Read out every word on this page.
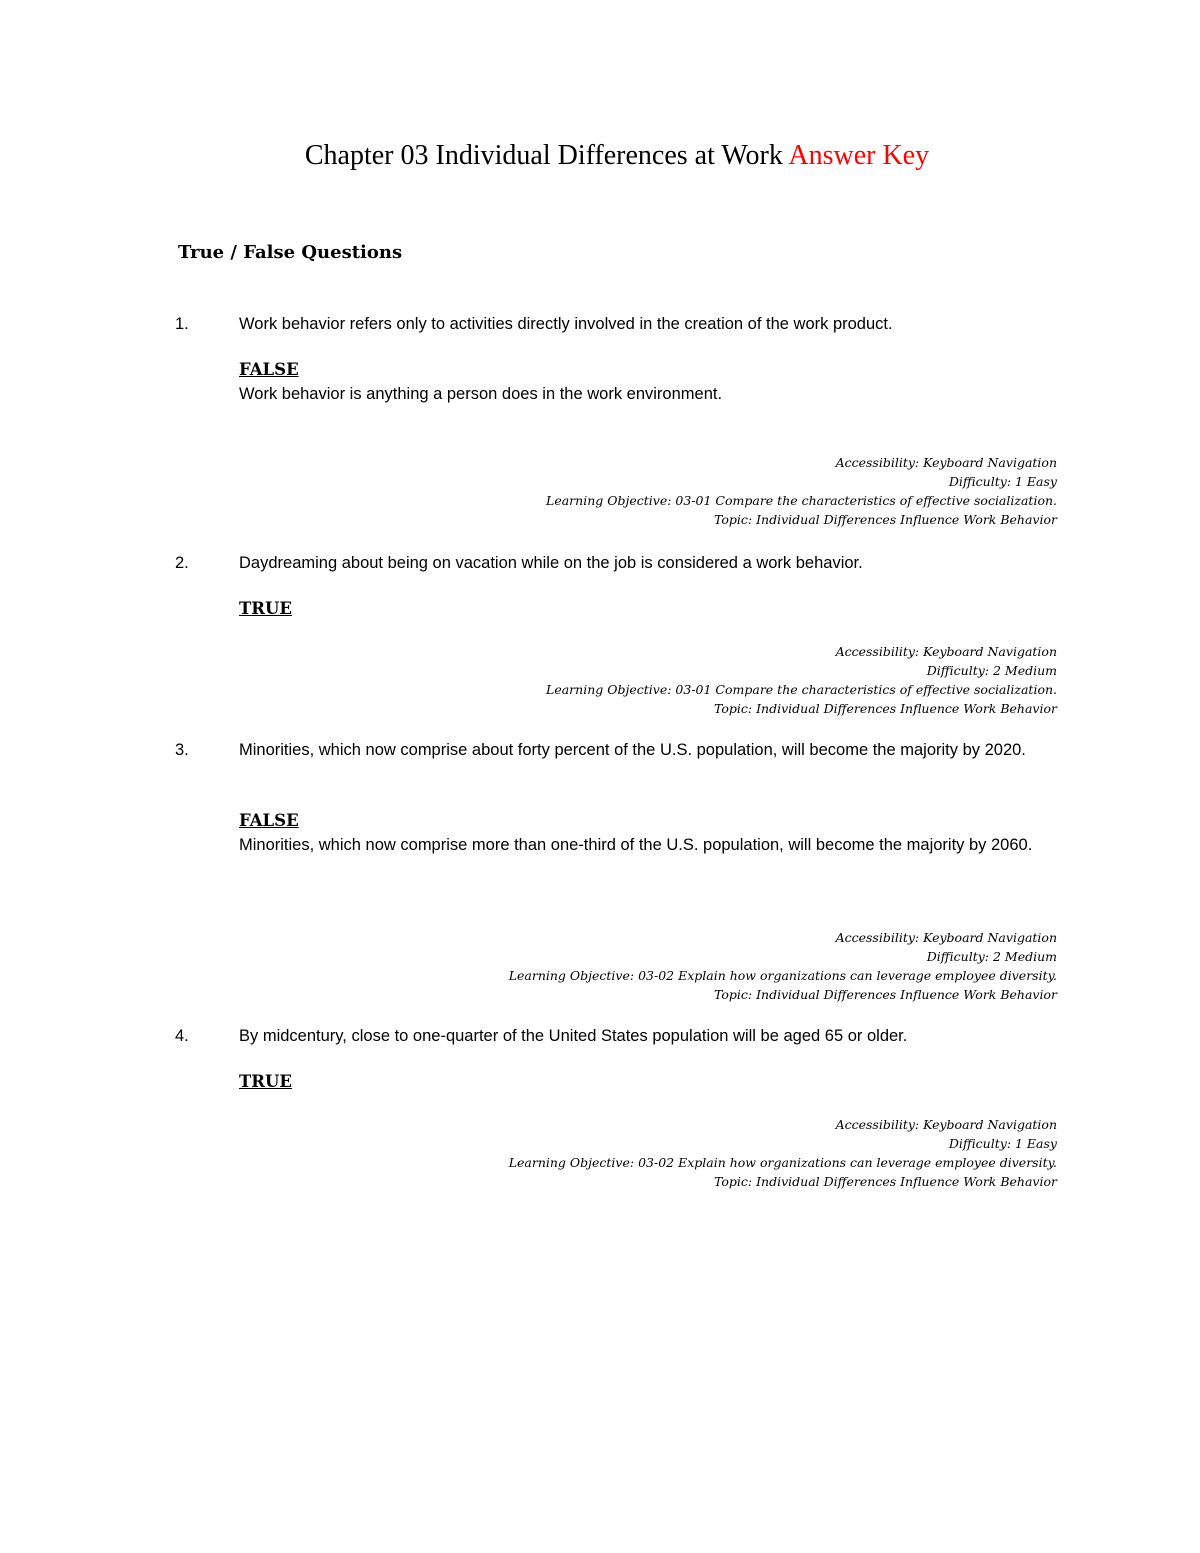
Chapter 03 Individual Differences at Work Answer Key
True / False Questions
1.	Work behavior refers only to activities directly involved in the creation of the work product.
FALSE
Work behavior is anything a person does in the work environment.
Accessibility: Keyboard Navigation
Difficulty: 1 Easy
Learning Objective: 03-01 Compare the characteristics of effective socialization.
Topic: Individual Differences Influence Work Behavior
2.	Daydreaming about being on vacation while on the job is considered a work behavior.
TRUE
Accessibility: Keyboard Navigation
Difficulty: 2 Medium
Learning Objective: 03-01 Compare the characteristics of effective socialization.
Topic: Individual Differences Influence Work Behavior
3.	Minorities, which now comprise about forty percent of the U.S. population, will become the majority by 2020.
FALSE
Minorities, which now comprise more than one-third of the U.S. population, will become the majority by 2060.
Accessibility: Keyboard Navigation
Difficulty: 2 Medium
Learning Objective: 03-02 Explain how organizations can leverage employee diversity.
Topic: Individual Differences Influence Work Behavior
4.	By midcentury, close to one-quarter of the United States population will be aged 65 or older.
TRUE
Accessibility: Keyboard Navigation
Difficulty: 1 Easy
Learning Objective: 03-02 Explain how organizations can leverage employee diversity.
Topic: Individual Differences Influence Work Behavior
